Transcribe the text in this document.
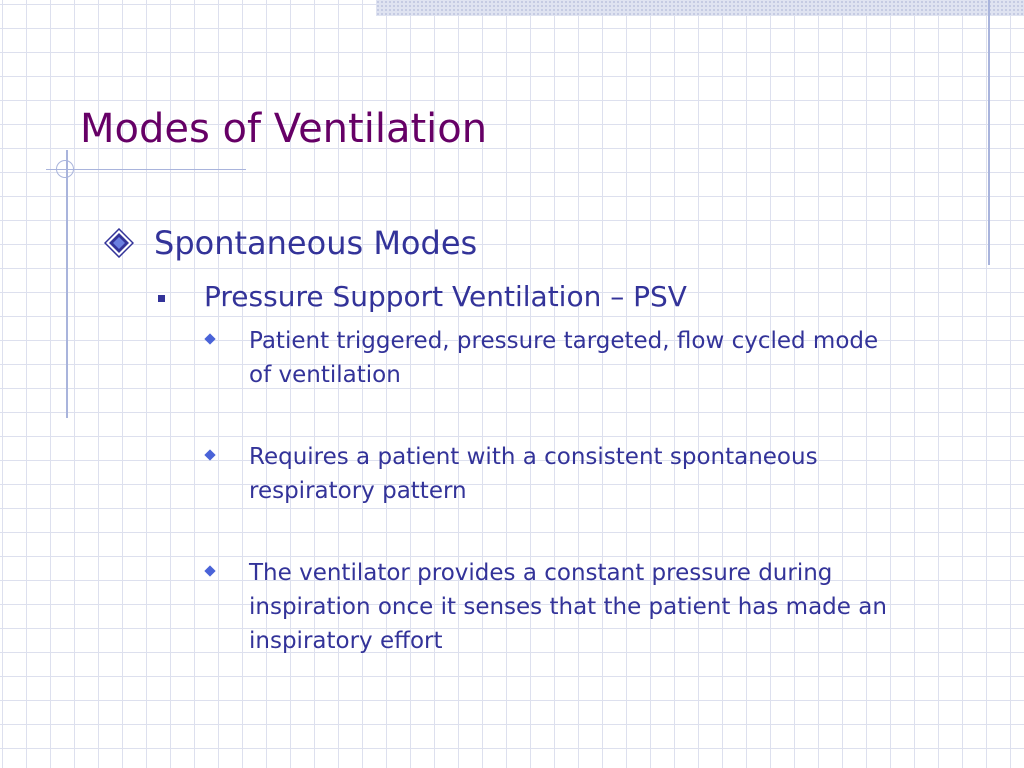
Modes of Ventilation
Spontaneous Modes
Pressure Support Ventilation – PSV
Patient triggered, pressure targeted, flow cycled mode of ventilation
Requires a patient with a consistent spontaneous respiratory pattern
The ventilator provides a constant pressure during inspiration once it senses that the patient has made an inspiratory effort
